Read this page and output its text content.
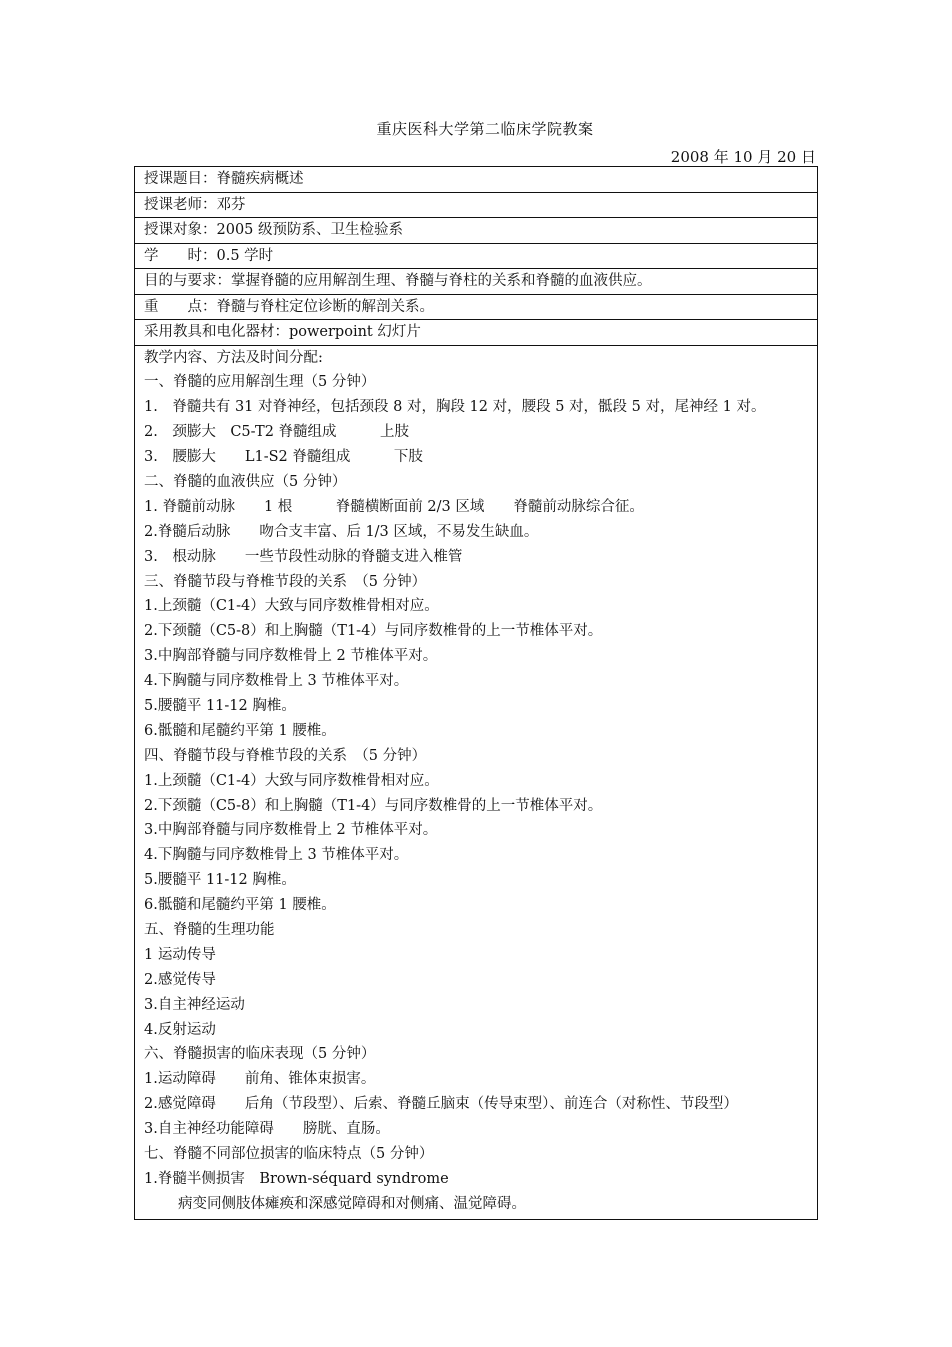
重庆医科大学第二临床学院教案
2008 年 10 月 20 日
授课题目：脊髓疾病概述
授课老师：邓芬
授课对象：2005 级预防系、卫生检验系
学　　时：0.5 学时
目的与要求：掌握脊髓的应用解剖生理、脊髓与脊柱的关系和脊髓的血液供应。
重　　点：脊髓与脊柱定位诊断的解剖关系。
采用教具和电化器材：powerpoint 幻灯片
教学内容、方法及时间分配:
一、脊髓的应用解剖生理（5 分钟）
1.　脊髓共有 31 对脊神经，包括颈段 8 对，胸段 12 对，腰段 5 对，骶段 5 对，尾神经 1 对。
2.　颈膨大　C5-T2 脊髓组成　　　上肢
3.　腰膨大　　L1-S2 脊髓组成　　　下肢
二、脊髓的血液供应（5 分钟）
1. 脊髓前动脉　　1 根　　　脊髓横断面前 2/3 区域　　脊髓前动脉综合征。
2.脊髓后动脉　　吻合支丰富、后 1/3 区域，不易发生缺血。
3.　根动脉　　一些节段性动脉的脊髓支进入椎管
三、脊髓节段与脊椎节段的关系　（5 分钟）
1.上颈髓（C1-4）大致与同序数椎骨相对应。
2.下颈髓（C5-8）和上胸髓（T1-4）与同序数椎骨的上一节椎体平对。
3.中胸部脊髓与同序数椎骨上 2 节椎体平对。
4.下胸髓与同序数椎骨上 3 节椎体平对。
5.腰髓平 11-12 胸椎。
6.骶髓和尾髓约平第 1 腰椎。
四、脊髓节段与脊椎节段的关系　（5 分钟）
1.上颈髓（C1-4）大致与同序数椎骨相对应。
2.下颈髓（C5-8）和上胸髓（T1-4）与同序数椎骨的上一节椎体平对。
3.中胸部脊髓与同序数椎骨上 2 节椎体平对。
4.下胸髓与同序数椎骨上 3 节椎体平对。
5.腰髓平 11-12 胸椎。
6.骶髓和尾髓约平第 1 腰椎。
五、脊髓的生理功能
1 运动传导
2.感觉传导
3.自主神经运动
4.反射运动
六、脊髓损害的临床表现（5 分钟）
1.运动障碍　　前角、锥体束损害。
2.感觉障碍　　后角（节段型）、后索、脊髓丘脑束（传导束型）、前连合（对称性、节段型）
3.自主神经功能障碍　　膀胱、直肠。
七、脊髓不同部位损害的临床特点（5 分钟）
1.脊髓半侧损害　Brown-séquard syndrome
病变同侧肢体瘫痪和深感觉障碍和对侧痛、温觉障碍。
